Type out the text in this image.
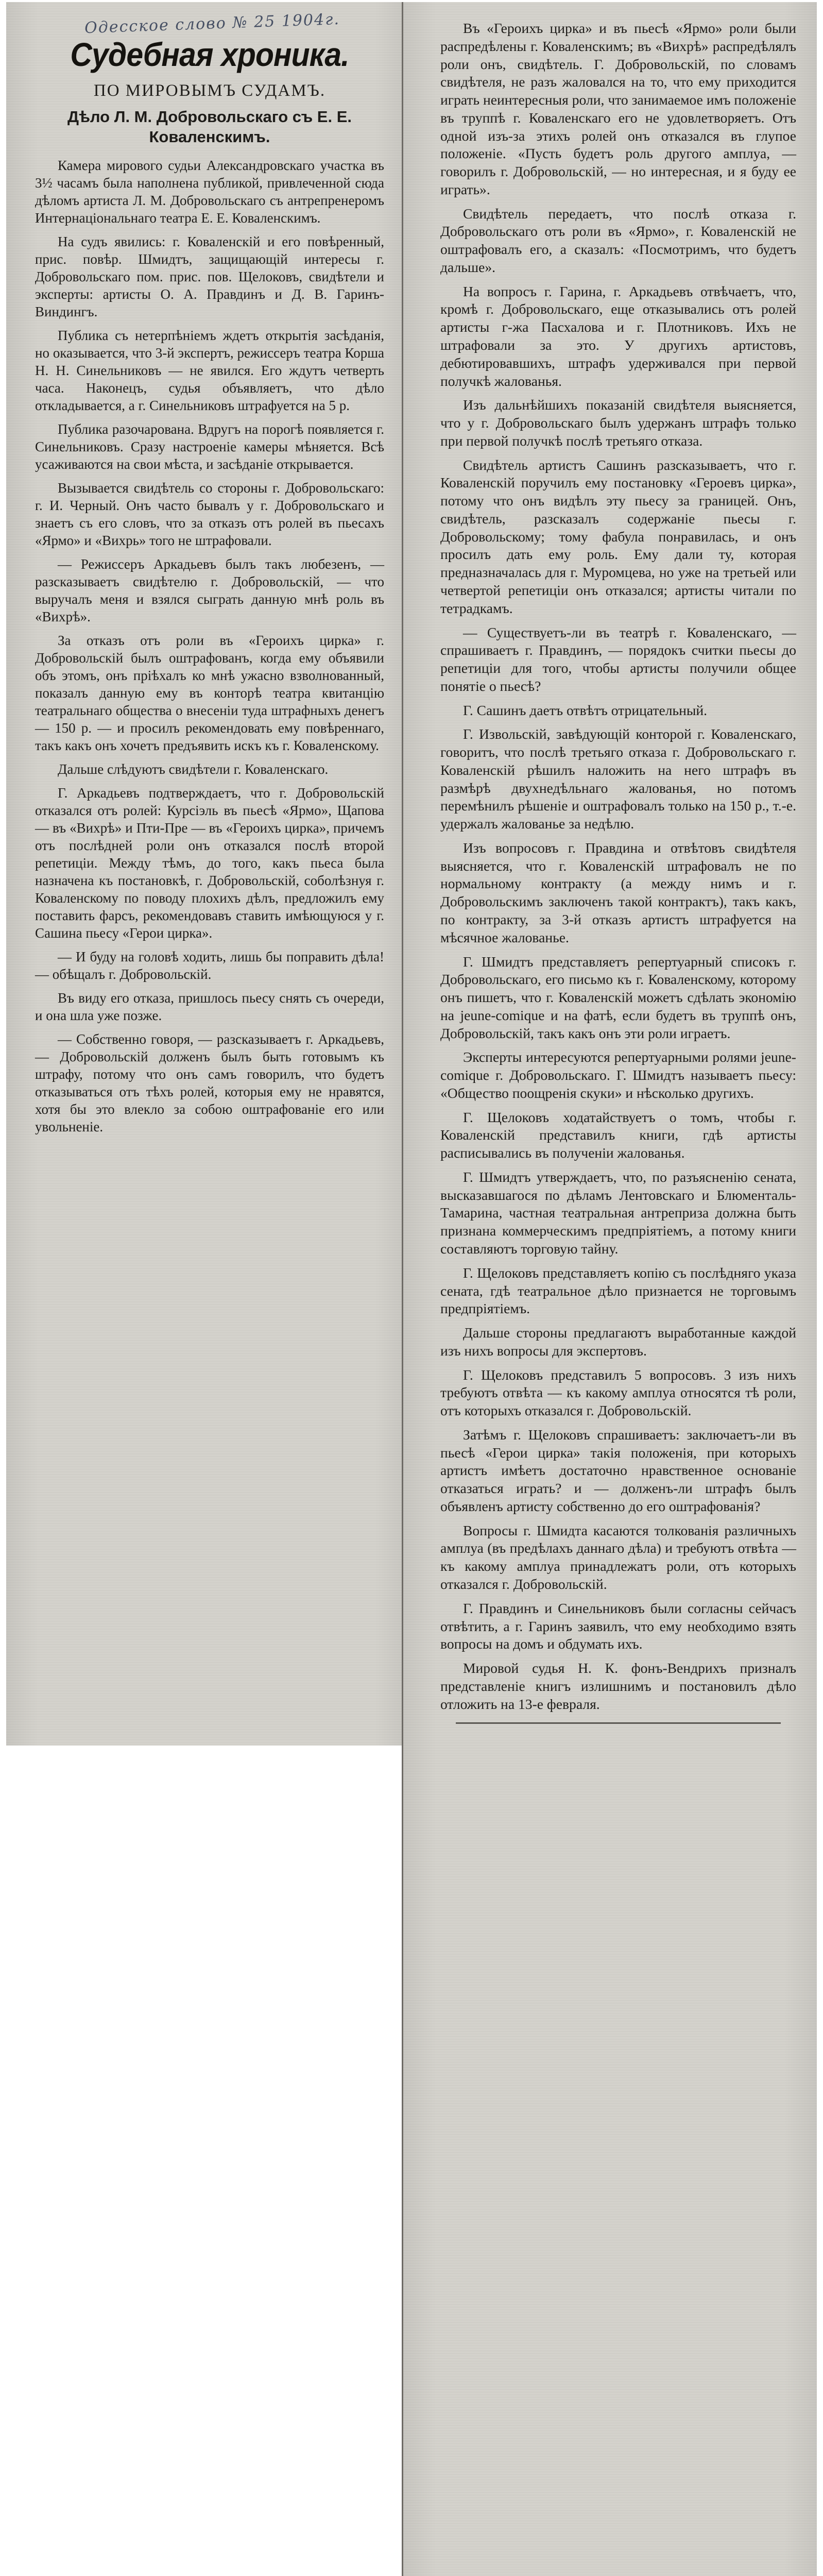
Одесское слово № 25 1904г.
Судебная хроника.
ПО МИРОВЫМЪ СУДАМЪ.
Дѣло Л. М. Добровольскаго съ Е. Е. Коваленскимъ.

Камера мирового судьи Александровскаго участка въ 3½ часамъ была наполнена публикой, привлеченной сюда дѣломъ артиста Л. М. Добровольскаго съ антрепренеромъ Интернаціональнаго театра Е. Е. Коваленскимъ.

На судъ явились: г. Коваленскій и его повѣренный, прис. повѣр. Шмидтъ, защищающій интересы г. Добровольскаго пом. прис. пов. Щелоковъ, свидѣтели и эксперты: артисты О. А. Правдинъ и Д. В. Гаринъ-Виндингъ.

Публика съ нетерпѣніемъ ждетъ открытія засѣданія, но оказывается, что 3-й экспертъ, режиссеръ театра Корша Н. Н. Синельниковъ — не явился. Его ждутъ четверть часа. Наконецъ, судья объявляетъ, что дѣло откладывается, а г. Синельниковъ штрафуется на 5 р.

Публика разочарована. Вдругъ на порогѣ появляется г. Синельниковъ. Сразу настроеніе камеры мѣняется. Всѣ усаживаются на свои мѣста, и засѣданіе открывается.

Вызывается свидѣтель со стороны г. Добровольскаго: г. И. Черный. Онъ часто бывалъ у г. Добровольскаго и знаетъ съ его словъ, что за отказъ отъ ролей въ пьесахъ «Ярмо» и «Вихрь» того не штрафовали.

— Режиссеръ Аркадьевъ былъ такъ любезенъ, — разсказываетъ свидѣтелю г. Добровольскій, — что выручалъ меня и взялся сыграть данную мнѣ роль въ «Вихрѣ».

За отказъ отъ роли въ «Героихъ цирка» г. Добровольскій былъ оштрафованъ, когда ему объявили объ этомъ, онъ пріѣхалъ ко мнѣ ужасно взволнованный, показалъ данную ему въ конторѣ театра квитанцію театральнаго общества о внесеніи туда штрафныхъ денегъ — 150 р. — и просилъ рекомендовать ему повѣреннаго, такъ какъ онъ хочетъ предъявить искъ къ г. Коваленскому.

Дальше слѣдуютъ свидѣтели г. Коваленскаго.

Г. Аркадьевъ подтверждаетъ, что г. Добровольскій отказался отъ ролей: Курсіэль въ пьесѣ «Ярмо», Щапова — въ «Вихрѣ» и Пти-Пре — въ «Героихъ цирка», причемъ отъ послѣдней роли онъ отказался послѣ второй репетиціи. Между тѣмъ, до того, какъ пьеса была назначена къ постановкѣ, г. Добровольскій, соболѣзнуя г. Коваленскому по поводу плохихъ дѣлъ, предложилъ ему поставить фарсъ, рекомендовавъ ставить имѣющуюся у г. Сашина пьесу «Герои цирка».

— И буду на головѣ ходить, лишь бы поправить дѣла! — обѣщалъ г. Добровольскій.

Въ виду его отказа, пришлось пьесу снять съ очереди, и она шла уже позже.

— Собственно говоря, — разсказываетъ г. Аркадьевъ, — Добровольскій долженъ былъ быть готовымъ къ штрафу, потому что онъ самъ говорилъ, что будетъ отказываться отъ тѣхъ ролей, которыя ему не нравятся, хотя бы это влекло за собою оштрафованіе его или увольненіе.

Въ «Героихъ цирка» и въ пьесѣ «Ярмо» роли были распредѣлены г. Коваленскимъ; въ «Вихрѣ» распредѣлялъ роли онъ, свидѣтель. Г. Добровольскій, по словамъ свидѣтеля, не разъ жаловался на то, что ему приходится играть неинтересныя роли, что занимаемое имъ положеніе въ труппѣ г. Коваленскаго его не удовлетворяетъ. Отъ одной изъ-за этихъ ролей онъ отказался въ глупое положеніе. «Пусть будетъ роль другого амплуа, — говорилъ г. Добровольскій, — но интересная, и я буду ее играть».

Свидѣтель передаетъ, что послѣ отказа г. Добровольскаго отъ роли въ «Ярмо», г. Коваленскій не оштрафовалъ его, а сказалъ: «Посмотримъ, что будетъ дальше».

На вопросъ г. Гарина, г. Аркадьевъ отвѣчаетъ, что, кромѣ г. Добровольскаго, еще отказывались отъ ролей артисты г-жа Пасхалова и г. Плотниковъ. Ихъ не штрафовали за это. У другихъ артистовъ, дебютировавшихъ, штрафъ удерживался при первой получкѣ жалованья.

Изъ дальнѣйшихъ показаній свидѣтеля выясняется, что у г. Добровольскаго былъ удержанъ штрафъ только при первой получкѣ послѣ третьяго отказа.

Свидѣтель артистъ Сашинъ разсказываетъ, что г. Коваленскій поручилъ ему постановку «Героевъ цирка», потому что онъ видѣлъ эту пьесу за границей. Онъ, свидѣтель, разсказалъ содержаніе пьесы г. Добровольскому; тому фабула понравилась, и онъ просилъ дать ему роль. Ему дали ту, которая предназначалась для г. Муромцева, но уже на третьей или четвертой репетиціи онъ отказался; артисты читали по тетрадкамъ.

— Существуетъ-ли въ театрѣ г. Коваленскаго, — спрашиваетъ г. Правдинъ, — порядокъ считки пьесы до репетиціи для того, чтобы артисты получили общее понятіе о пьесѣ?

Г. Сашинъ даетъ отвѣтъ отрицательный.

Г. Извольскій, завѣдующій конторой г. Коваленскаго, говоритъ, что послѣ третьяго отказа г. Добровольскаго г. Коваленскій рѣшилъ наложить на него штрафъ въ размѣрѣ двухнедѣльнаго жалованья, но потомъ перемѣнилъ рѣшеніе и оштрафовалъ только на 150 р., т.-е. удержалъ жалованье за недѣлю.

Изъ вопросовъ г. Правдина и отвѣтовъ свидѣтеля выясняется, что г. Коваленскій штрафовалъ не по нормальному контракту (а между нимъ и г. Добровольскимъ заключенъ такой контрактъ), такъ какъ, по контракту, за 3-й отказъ артистъ штрафуется на мѣсячное жалованье.

Г. Шмидтъ представляетъ репертуарный списокъ г. Добровольскаго, его письмо къ г. Коваленскому, которому онъ пишетъ, что г. Коваленскій можетъ сдѣлать экономію на jeune-comique и на фатѣ, если будетъ въ труппѣ онъ, Добровольскій, такъ какъ онъ эти роли играетъ.

Эксперты интересуются репертуарными ролями jeune-comique г. Добровольскаго. Г. Шмидтъ называетъ пьесу: «Общество поощренія скуки» и нѣсколько другихъ.

Г. Щелоковъ ходатайствуетъ о томъ, чтобы г. Коваленскій представилъ книги, гдѣ артисты расписывались въ полученіи жалованья.

Г. Шмидтъ утверждаетъ, что, по разъясненію сената, высказавшагося по дѣламъ Лентовскаго и Блюменталь-Тамарина, частная театральная антреприза должна быть признана коммерческимъ предпріятіемъ, а потому книги составляютъ торговую тайну.

Г. Щелоковъ представляетъ копію съ послѣдняго указа сената, гдѣ театральное дѣло признается не торговымъ предпріятіемъ.

Дальше стороны предлагаютъ выработанные каждой изъ нихъ вопросы для экспертовъ.

Г. Щелоковъ представилъ 5 вопросовъ. 3 изъ нихъ требуютъ отвѣта — къ какому амплуа относятся тѣ роли, отъ которыхъ отказался г. Добровольскій.

Затѣмъ г. Щелоковъ спрашиваетъ: заключаетъ-ли въ пьесѣ «Герои цирка» такія положенія, при которыхъ артистъ имѣетъ достаточно нравственное основаніе отказаться играть? и — долженъ-ли штрафъ былъ объявленъ артисту собственно до его оштрафованія?

Вопросы г. Шмидта касаются толкованія различныхъ амплуа (въ предѣлахъ даннаго дѣла) и требуютъ отвѣта — къ какому амплуа принадлежатъ роли, отъ которыхъ отказался г. Добровольскій.

Г. Правдинъ и Синельниковъ были согласны сейчасъ отвѣтить, а г. Гаринъ заявилъ, что ему необходимо взять вопросы на домъ и обдумать ихъ.

Мировой судья Н. К. фонъ-Вендрихъ призналъ представленіе книгъ излишнимъ и постановилъ дѣло отложить на 13-е февраля.
